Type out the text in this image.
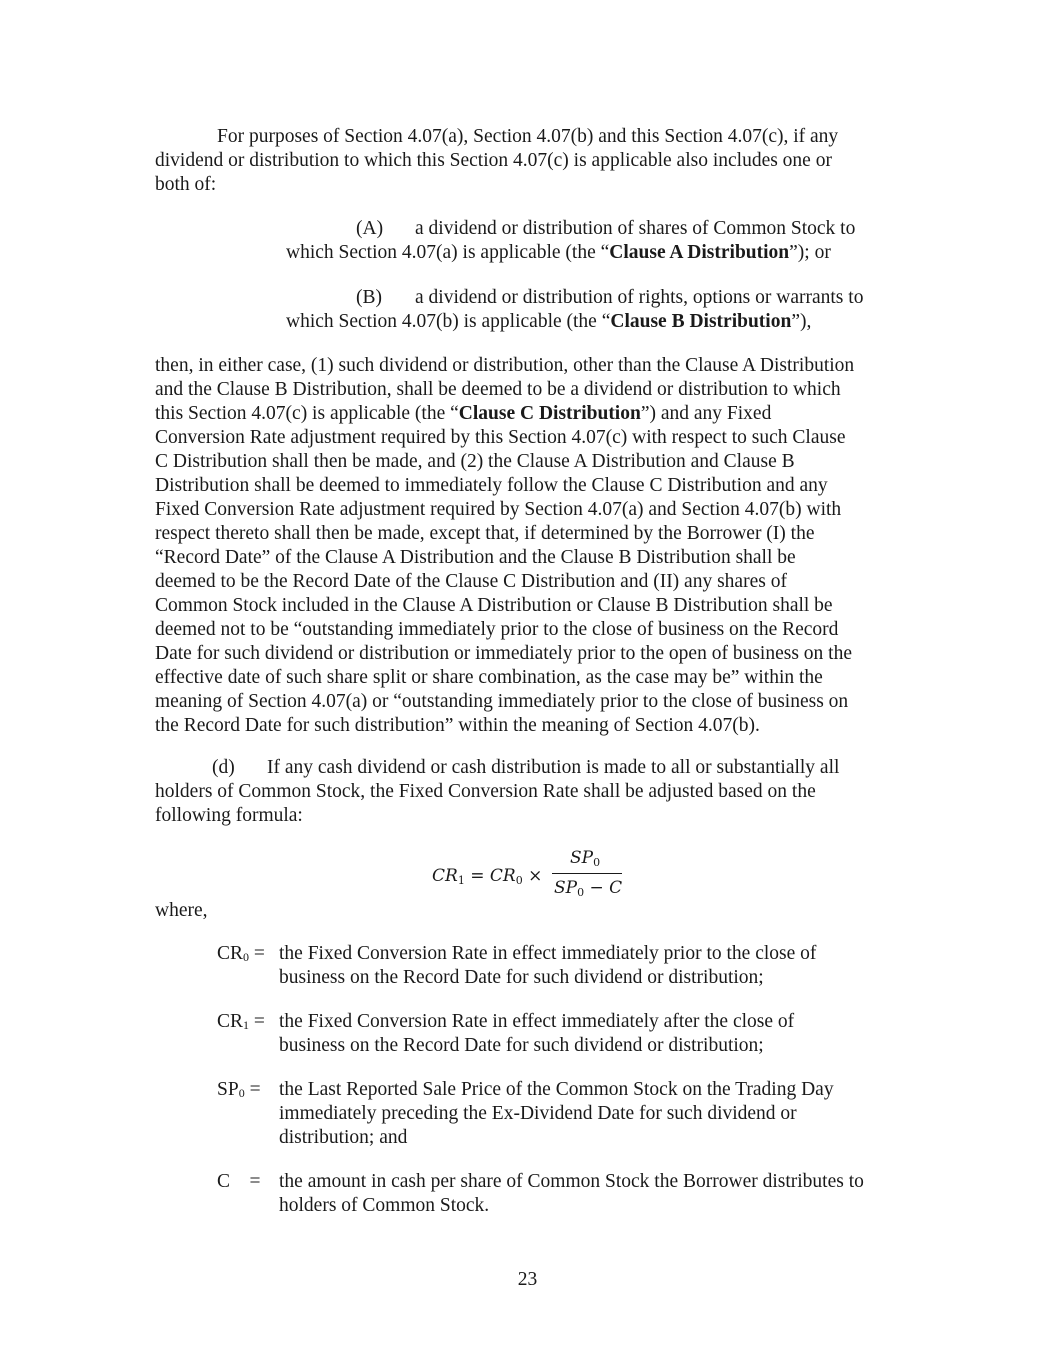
For purposes of Section 4.07(a), Section 4.07(b) and this Section 4.07(c), if any
dividend or distribution to which this Section 4.07(c) is applicable also includes one or
both of:
(A) a dividend or distribution of shares of Common Stock to
which Section 4.07(a) is applicable (the “Clause A Distribution”); or
(B) a dividend or distribution of rights, options or warrants to
which Section 4.07(b) is applicable (the “Clause B Distribution”),
then, in either case, (1) such dividend or distribution, other than the Clause A Distribution
and the Clause B Distribution, shall be deemed to be a dividend or distribution to which
this Section 4.07(c) is applicable (the “Clause C Distribution”) and any Fixed
Conversion Rate adjustment required by this Section 4.07(c) with respect to such Clause
C Distribution shall then be made, and (2) the Clause A Distribution and Clause B
Distribution shall be deemed to immediately follow the Clause C Distribution and any
Fixed Conversion Rate adjustment required by Section 4.07(a) and Section 4.07(b) with
respect thereto shall then be made, except that, if determined by the Borrower (I) the
“Record Date” of the Clause A Distribution and the Clause B Distribution shall be
deemed to be the Record Date of the Clause C Distribution and (II) any shares of
Common Stock included in the Clause A Distribution or Clause B Distribution shall be
deemed not to be “outstanding immediately prior to the close of business on the Record
Date for such dividend or distribution or immediately prior to the open of business on the
effective date of such share split or share combination, as the case may be” within the
meaning of Section 4.07(a) or “outstanding immediately prior to the close of business on
the Record Date for such distribution” within the meaning of Section 4.07(b).
(d) If any cash dividend or cash distribution is made to all or substantially all
holders of Common Stock, the Fixed Conversion Rate shall be adjusted based on the
following formula:
$CR_1 = CR_0$ ×
$SP_0$
$SP_0 - C$
where,
CR0 = the Fixed Conversion Rate in effect immediately prior to the close of
business on the Record Date for such dividend or distribution;
CR1 = the Fixed Conversion Rate in effect immediately after the close of
business on the Record Date for such dividend or distribution;
SP0 = the Last Reported Sale Price of the Common Stock on the Trading Day
immediately preceding the Ex-Dividend Date for such dividend or
distribution; and
C    = the amount in cash per share of Common Stock the Borrower distributes to
holders of Common Stock.
23
